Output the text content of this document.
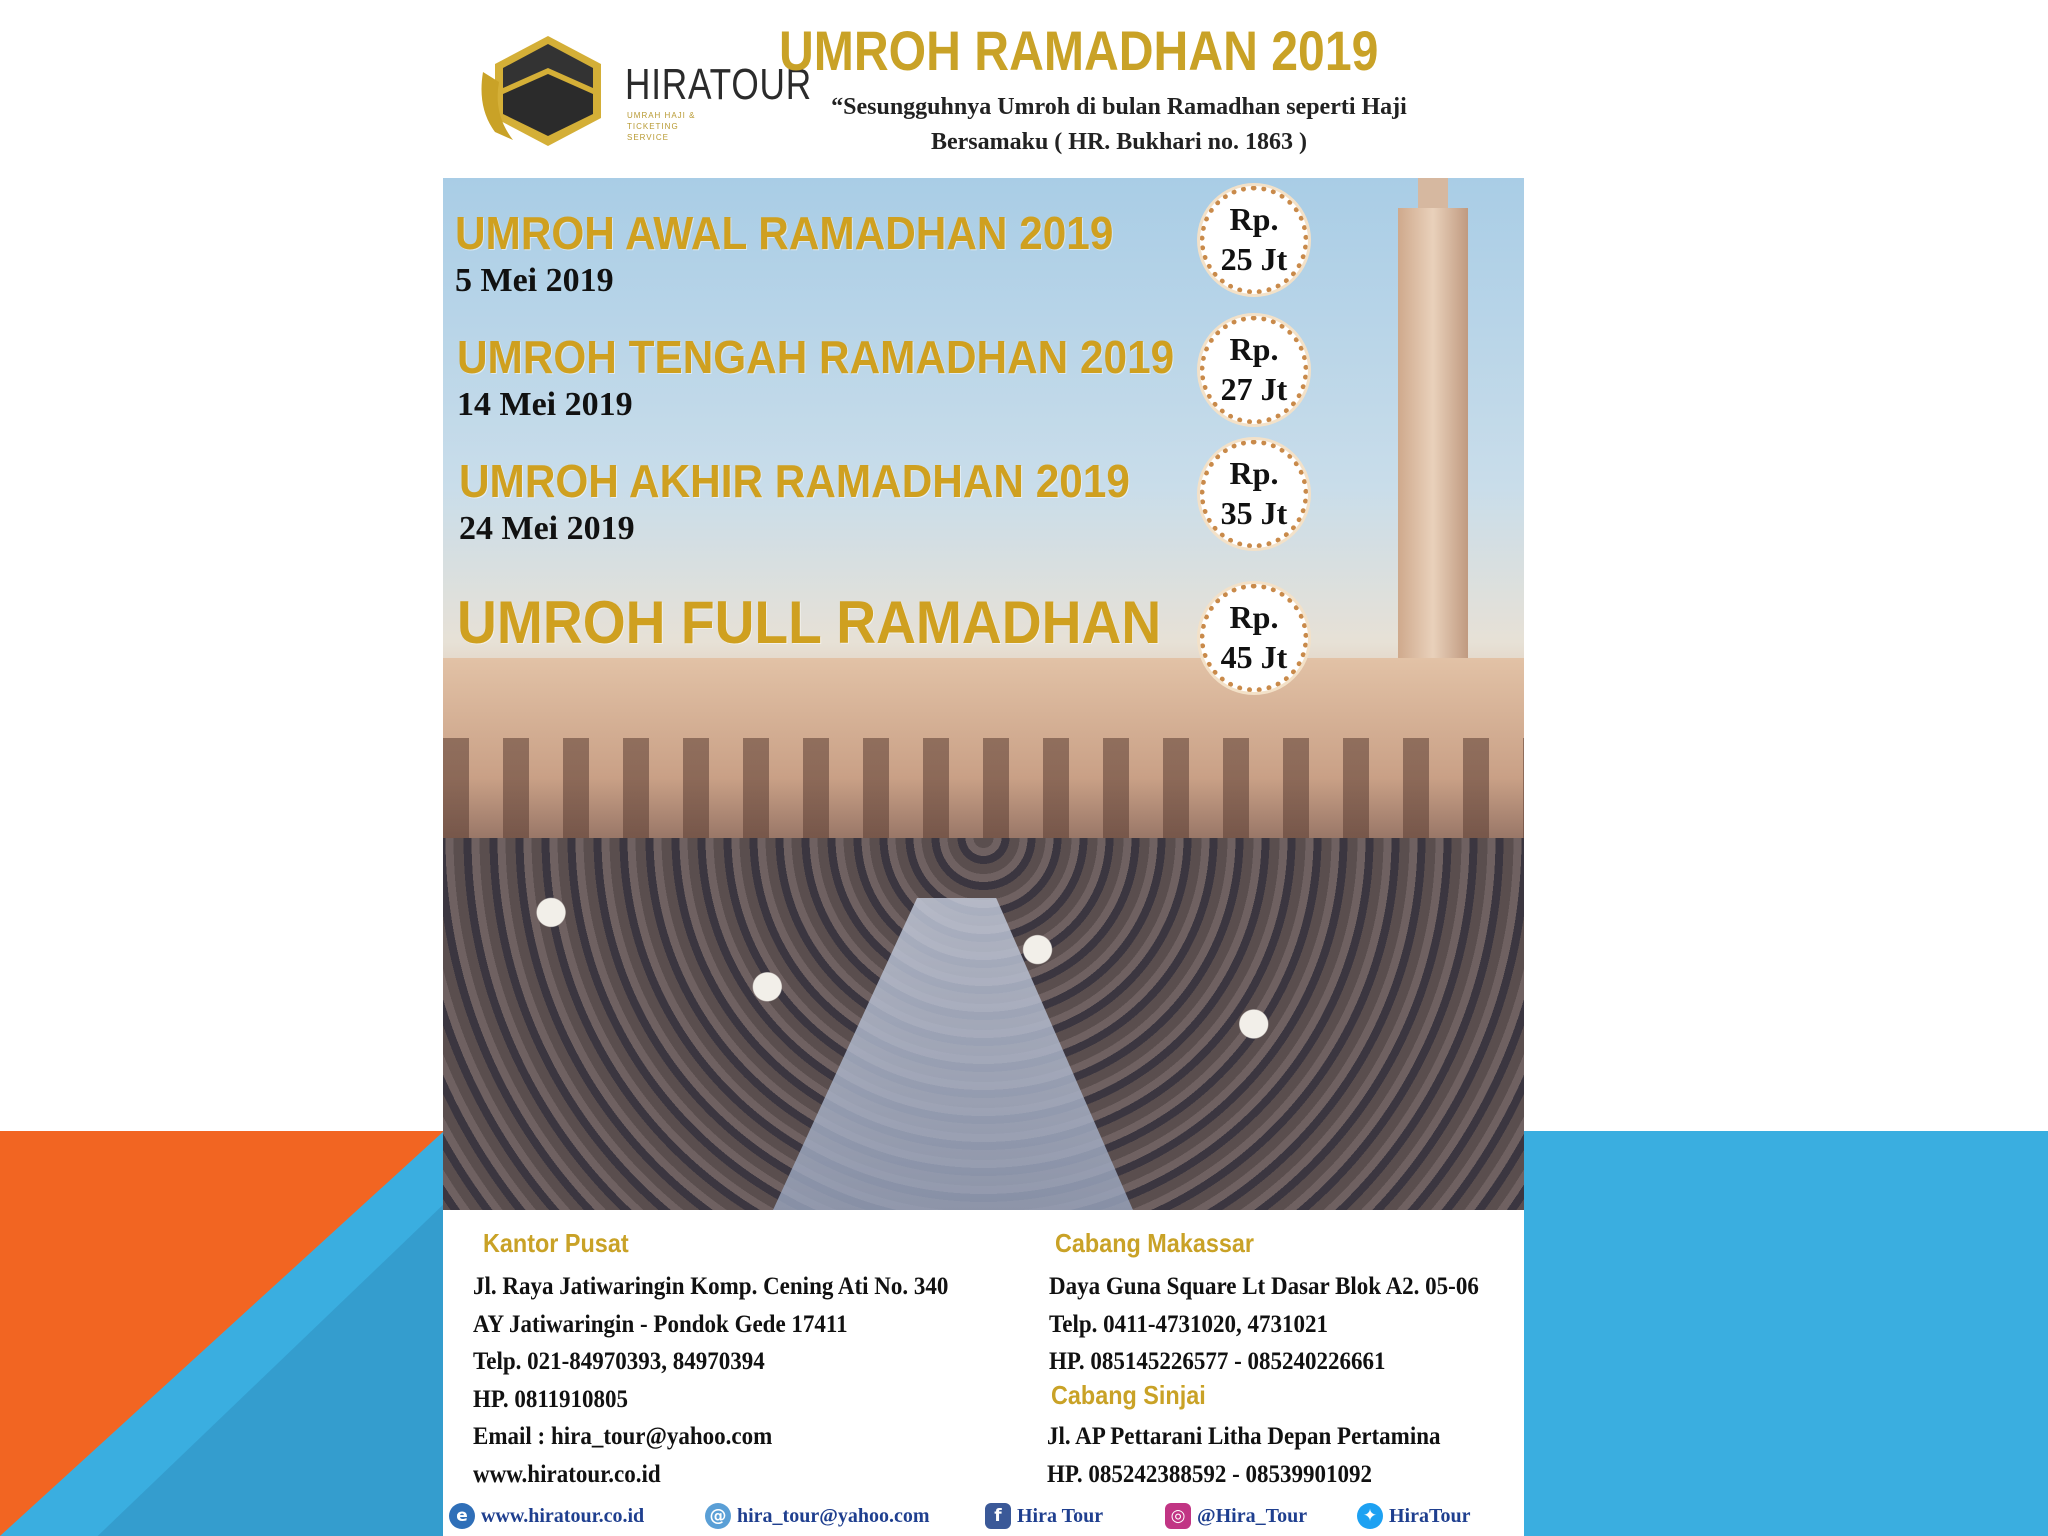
HIRATOUR
UMRAH HAJI & TICKETING SERVICE
UMROH RAMADHAN 2019
“Sesungguhnya Umroh di bulan Ramadhan seperti Haji Bersamaku ( HR. Bukhari no. 1863 )
UMROH AWAL RAMADHAN 2019
5 Mei 2019
UMROH TENGAH RAMADHAN 2019
14 Mei 2019
UMROH AKHIR RAMADHAN 2019
24 Mei 2019
UMROH FULL RAMADHAN
Rp.
25 Jt
Rp.
27 Jt
Rp.
35 Jt
Rp.
45 Jt
Kantor Pusat
Jl. Raya Jatiwaringin Komp. Cening Ati No. 340
AY Jatiwaringin - Pondok Gede 17411
Telp. 021-84970393, 84970394
HP. 0811910805
Email : hira_tour@yahoo.com
www.hiratour.co.id
Cabang Makassar
Daya Guna Square Lt Dasar Blok A2. 05-06
Telp. 0411-4731020, 4731021
HP. 085145226577 - 085240226661
Cabang Sinjai
Jl. AP Pettarani Litha Depan Pertamina
HP. 085242388592 - 08539901092
e www.hiratour.co.id	@ hira_tour@yahoo.com	f Hira Tour	◎ @Hira_Tour	✦ HiraTour
